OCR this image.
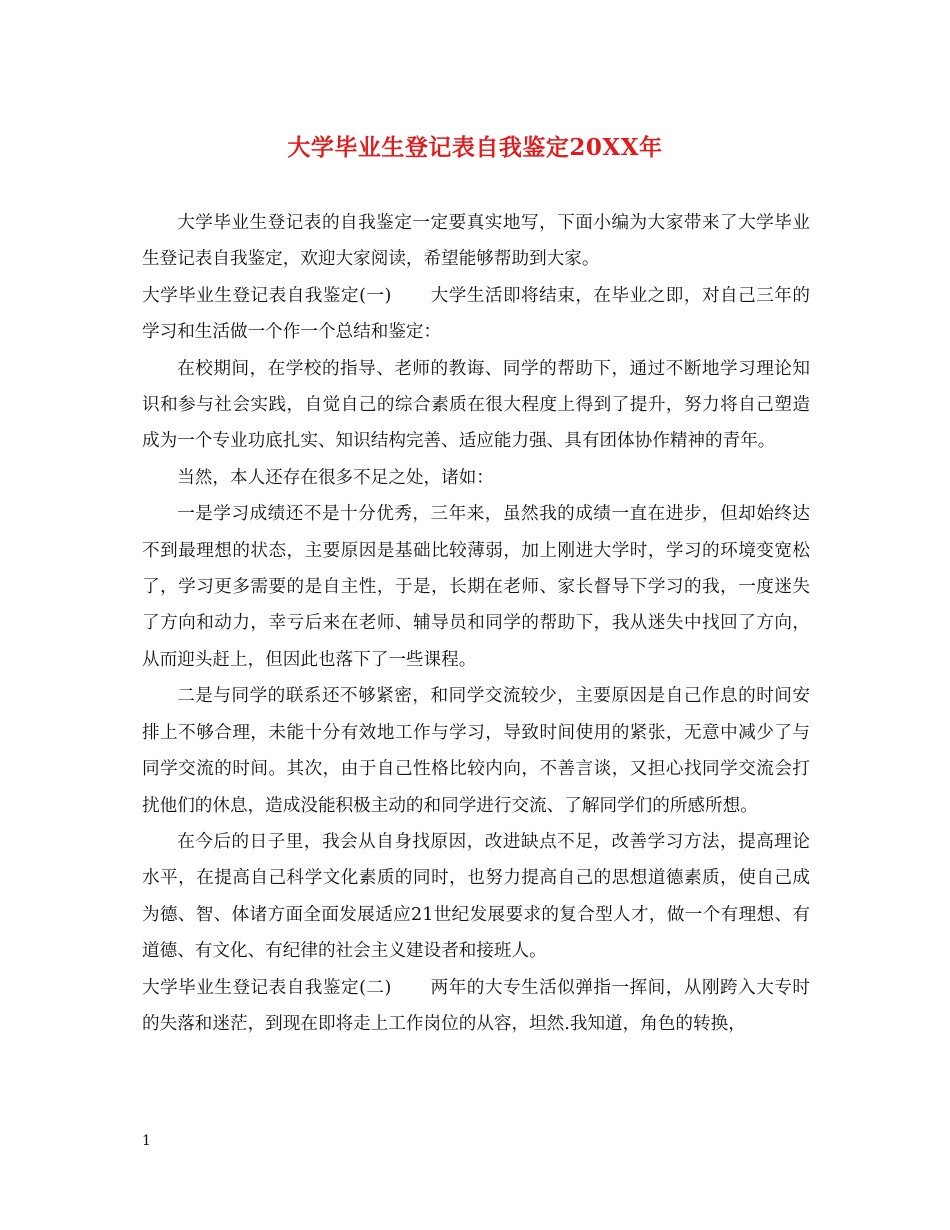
大学毕业生登记表自我鉴定20XX年

大学毕业生登记表的自我鉴定一定要真实地写，下面小编为大家带来了大学毕业生登记表自我鉴定，欢迎大家阅读，希望能够帮助到大家。

大学毕业生登记表自我鉴定(一) 大学生活即将结束，在毕业之即，对自己三年的学习和生活做一个作一个总结和鉴定：

在校期间，在学校的指导、老师的教诲、同学的帮助下，通过不断地学习理论知识和参与社会实践，自觉自己的综合素质在很大程度上得到了提升，努力将自己塑造成为一个专业功底扎实、知识结构完善、适应能力强、具有团体协作精神的青年。

当然，本人还存在很多不足之处，诸如：

一是学习成绩还不是十分优秀，三年来，虽然我的成绩一直在进步，但却始终达不到最理想的状态，主要原因是基础比较薄弱，加上刚进大学时，学习的环境变宽松了，学习更多需要的是自主性，于是，长期在老师、家长督导下学习的我，一度迷失了方向和动力，幸亏后来在老师、辅导员和同学的帮助下，我从迷失中找回了方向，从而迎头赶上，但因此也落下了一些课程。

二是与同学的联系还不够紧密，和同学交流较少，主要原因是自己作息的时间安排上不够合理，未能十分有效地工作与学习，导致时间使用的紧张，无意中减少了与同学交流的时间。其次，由于自己性格比较内向，不善言谈，又担心找同学交流会打扰他们的休息，造成没能积极主动的和同学进行交流、了解同学们的所感所想。

在今后的日子里，我会从自身找原因，改进缺点不足，改善学习方法，提高理论水平，在提高自己科学文化素质的同时，也努力提高自己的思想道德素质，使自己成为德、智、体诸方面全面发展适应21世纪发展要求的复合型人才，做一个有理想、有道德、有文化、有纪律的社会主义建设者和接班人。

大学毕业生登记表自我鉴定(二) 两年的大专生活似弹指一挥间，从刚跨入大专时的失落和迷茫，到现在即将走上工作岗位的从容，坦然.我知道，角色的转换，

1
